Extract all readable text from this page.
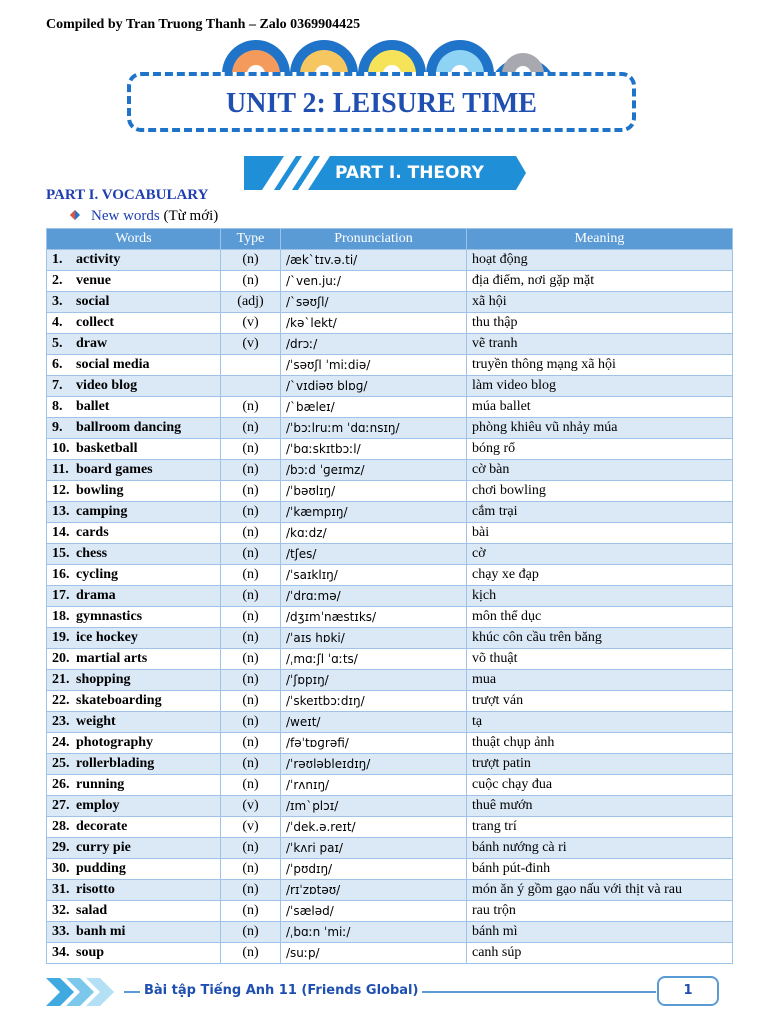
Compiled by Tran Truong Thanh – Zalo 0369904425
UNIT 2: LEISURE TIME
PART I. THEORY
PART I. VOCABULARY
New words (Từ mới)
Words	Type	Pronunciation	Meaning
1. activity	(n)	/æk`tɪv.ə.ti/	hoạt động
2. venue	(n)	/`ven.juː/	địa điểm, nơi gặp mặt
3. social	(adj)	/`səʊʃl/	xã hội
4. collect	(v)	/kə`lekt/	thu thập
5. draw	(v)	/drɔː/	vẽ tranh
6. social media		/ˈsəʊʃl ˈmiːdiə/	truyền thông mạng xã hội
7. video blog		/`vɪdiəʊ blɒɡ/	làm video blog
8. ballet	(n)	/`bæleɪ/	múa ballet
9. ballroom dancing	(n)	/ˈbɔːlruːm ˈdɑːnsɪŋ/	phòng khiêu vũ nhảy múa
10. basketball	(n)	/ˈbɑːskɪtbɔːl/	bóng rổ
11. board games	(n)	/bɔːd ˈɡeɪmz/	cờ bàn
12. bowling	(n)	/ˈbəʊlɪŋ/	chơi bowling
13. camping	(n)	/ˈkæmpɪŋ/	cắm trại
14. cards	(n)	/kɑːdz/	bài
15. chess	(n)	/tʃes/	cờ
16. cycling	(n)	/ˈsaɪklɪŋ/	chạy xe đạp
17. drama	(n)	/ˈdrɑːmə/	kịch
18. gymnastics	(n)	/dʒɪmˈnæstɪks/	môn thể dục
19. ice hockey	(n)	/ˈaɪs hɒki/	khúc côn cầu trên băng
20. martial arts	(n)	/ˌmɑːʃl ˈɑːts/	võ thuật
21. shopping	(n)	/ˈʃɒpɪŋ/	mua
22. skateboarding	(n)	/ˈskeɪtbɔːdɪŋ/	trượt ván
23. weight	(n)	/weɪt/	tạ
24. photography	(n)	/fəˈtɒɡrəfi/	thuật chụp ảnh
25. rollerblading	(n)	/ˈrəʊləbleɪdɪŋ/	trượt patin
26. running	(n)	/ˈrʌnɪŋ/	cuộc chạy đua
27. employ	(v)	/ɪm`plɔɪ/	thuê mướn
28. decorate	(v)	/ˈdek.ə.reɪt/	trang trí
29. curry pie	(n)	/ˈkʌri paɪ/	bánh nướng cà ri
30. pudding	(n)	/ˈpʊdɪŋ/	bánh pút-đinh
31. risotto	(n)	/rɪˈzɒtəʊ/	món ăn ý gồm gạo nấu với thịt và rau
32. salad	(n)	/ˈsæləd/	rau trộn
33. banh mi	(n)	/ˌbɑːn ˈmiː/	bánh mì
34. soup	(n)	/suːp/	canh súp
Bài tập Tiếng Anh 11 (Friends Global)	1
